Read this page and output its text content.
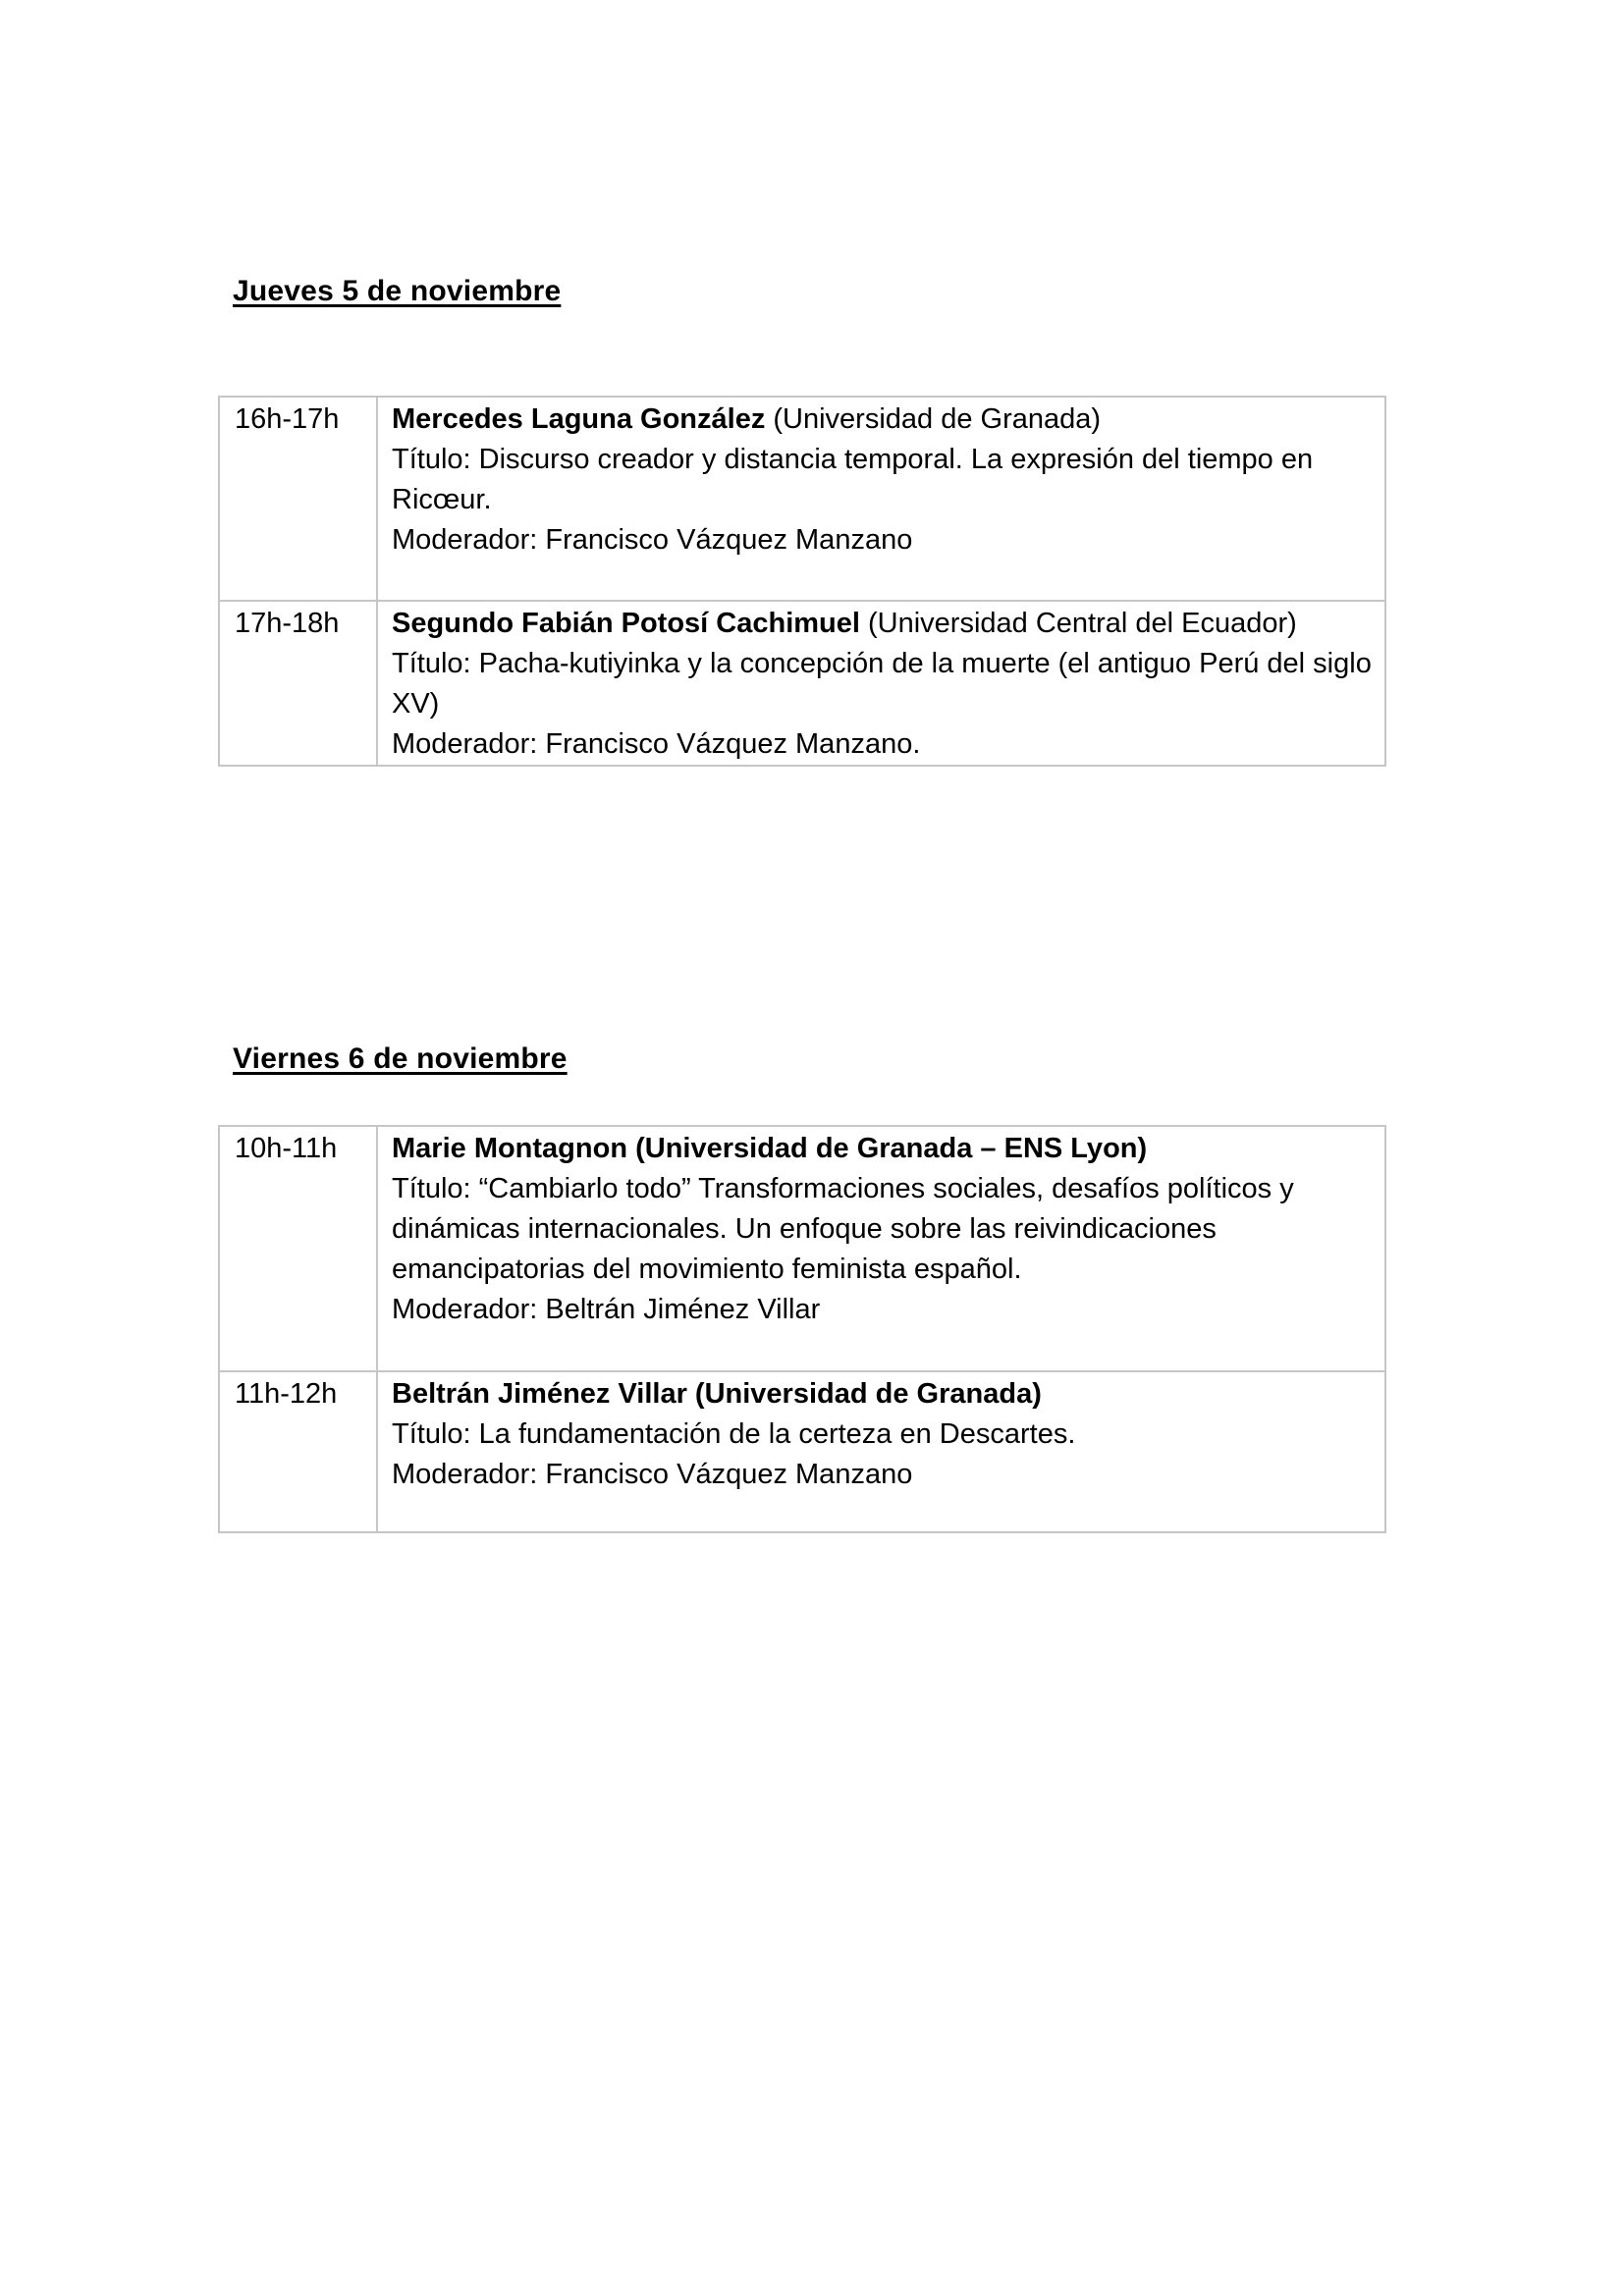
Jueves 5 de noviembre
16h-17h	Mercedes Laguna González (Universidad de Granada)
Título: Discurso creador y distancia temporal. La expresión del tiempo en Ricœur.
Moderador: Francisco Vázquez Manzano

17h-18h	Segundo Fabián Potosí Cachimuel (Universidad Central del Ecuador)
Título: Pacha-kutiyinka y la concepción de la muerte (el antiguo Perú del siglo XV)
Moderador: Francisco Vázquez Manzano.
Viernes 6 de noviembre
10h-11h	Marie Montagnon (Universidad de Granada – ENS Lyon)
Título: “Cambiarlo todo” Transformaciones sociales, desafíos políticos y dinámicas internacionales. Un enfoque sobre las reivindicaciones emancipatorias del movimiento feminista español.
Moderador: Beltrán Jiménez Villar

11h-12h	Beltrán Jiménez Villar (Universidad de Granada)
Título: La fundamentación de la certeza en Descartes.
Moderador: Francisco Vázquez Manzano
